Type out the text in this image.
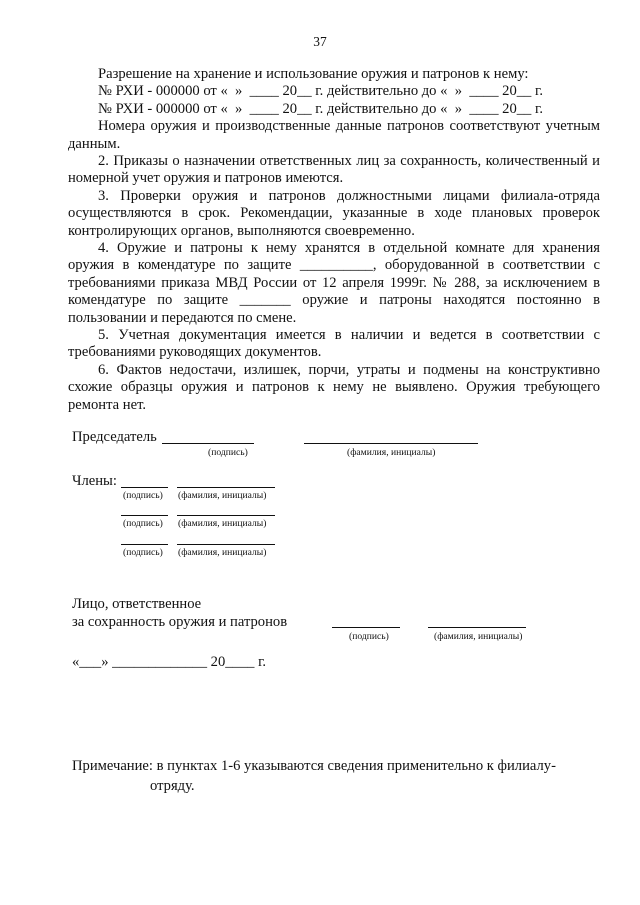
37

Разрешение на хранение и использование оружия и патронов к нему:

№ РХИ - 000000 от «  »  ____ 20__ г. действительно до «  »  ____ 20__ г.

№ РХИ - 000000 от «  »  ____ 20__ г. действительно до «  »  ____ 20__ г.

Номера оружия и производственные данные патронов соответствуют учетным данным.

2. Приказы о назначении ответственных лиц за сохранность, количественный и номерной учет оружия и патронов имеются.

3. Проверки оружия и патронов должностными лицами филиала-отряда осуществляются в срок. Рекомендации, указанные в ходе плановых проверок контролирующих органов, выполняются своевременно.

4. Оружие и патроны к нему хранятся в отдельной комнате для хранения оружия в комендатуре по защите __________, оборудованной в соответствии с требованиями приказа МВД России от 12 апреля 1999г. № 288, за исключением в комендатуре по защите _______ оружие и патроны находятся постоянно в пользовании и передаются по смене.

5. Учетная документация имеется в наличии и ведется в соответствии с требованиями руководящих документов.

6. Фактов недостачи, излишек, порчи, утраты и подмены на конструктивно схожие образцы оружия и патронов к нему не выявлено. Оружия требующего ремонта нет.

Председатель
(подпись)	(фамилия, инициалы)
Члены:
(подпись) (фамилия, инициалы)
(подпись) (фамилия, инициалы)
(подпись) (фамилия, инициалы)
Лицо, ответственное
за сохранность оружия и патронов
(подпись)	(фамилия, инициалы)
«___» _____________ 20____ г.
Примечание: в пунктах 1-6 указываются сведения применительно к филиалу-
отряду.
